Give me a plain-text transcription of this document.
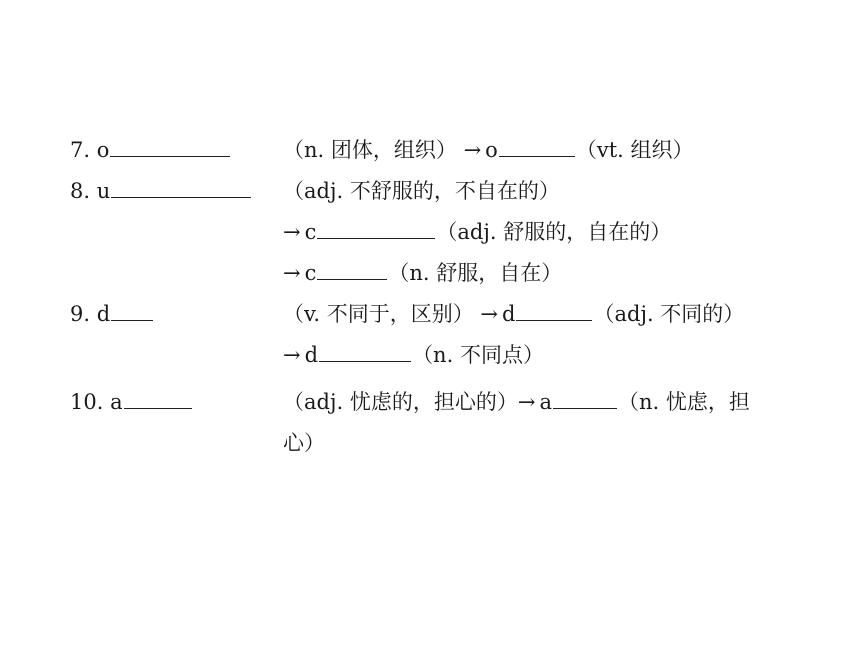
7. o	（n. 团体，组织） → o	（vt. 组织）
8. u	（adj. 不舒服的，不自在的）
→ c	（adj. 舒服的，自在的）
→ c	（n. 舒服，自在）
9. d	（v. 不同于，区别） → d	（adj. 不同的）
→ d	（n. 不同点）
10. a	（adj. 忧虑的，担心的）→ a	（n. 忧虑，担
心）
